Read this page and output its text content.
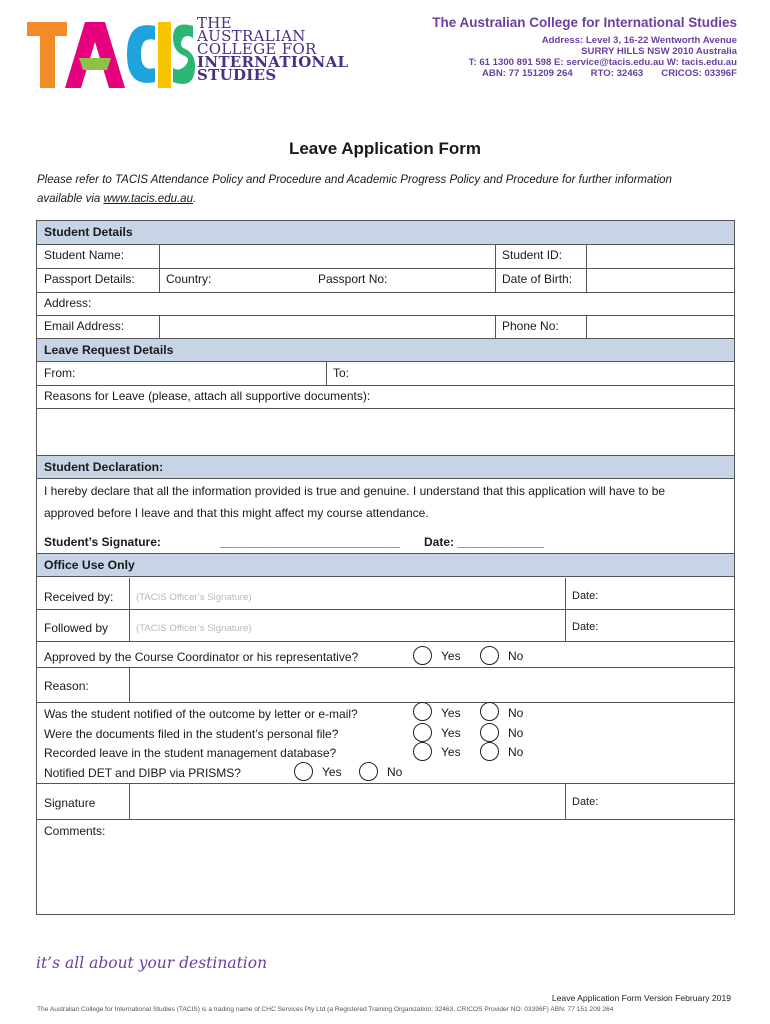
THE
AUSTRALIAN
COLLEGE FOR
INTERNATIONAL
STUDIES
The Australian College for International Studies
Address: Level 3, 16-22 Wentworth Avenue
SURRY HILLS NSW 2010 Australia
T: 61 1300 891 598 E: service@tacis.edu.au W: tacis.edu.au
ABN: 77 151209 264 RTO: 32463 CRICOS: 03396F
Leave Application Form
Please refer to TACIS Attendance Policy and Procedure and Academic Progress Policy and Procedure for further information
available via www.tacis.edu.au.
Student Details
Student Name:	Student ID:
Passport Details:	Country:	Passport No:	Date of Birth:
Address:
Email Address:	Phone No:
Leave Request Details
From:	To:
Reasons for Leave (please, attach all supportive documents):
Student Declaration:
I hereby declare that all the information provided is true and genuine. I understand that this application will have to be
approved before I leave and that this might affect my course attendance.
Student’s Signature:	___________________________	Date: _____________
Office Use Only
Received by:	(TACIS Officer’s Signature)	Date:
Followed by	(TACIS Officer’s Signature)	Date:
Approved by the Course Coordinator or his representative?	Yes	No
Reason:
Was the student notified of the outcome by letter or e-mail?	Yes	No
Were the documents filed in the student’s personal file?	Yes	No
Recorded leave in the student management database?	Yes	No
Notified DET and DIBP via PRISMS?	Yes	No
Signature	Date:
Comments:
it’s all about your destination
Leave Application Form Version February 2019
The Australian College for International Studies (TACIS) is a trading name of CHC Services Pty Ltd (a Registered Training Organization: 32463, CRICOS Provider NO: 03396F) ABN: 77 151 209 264
